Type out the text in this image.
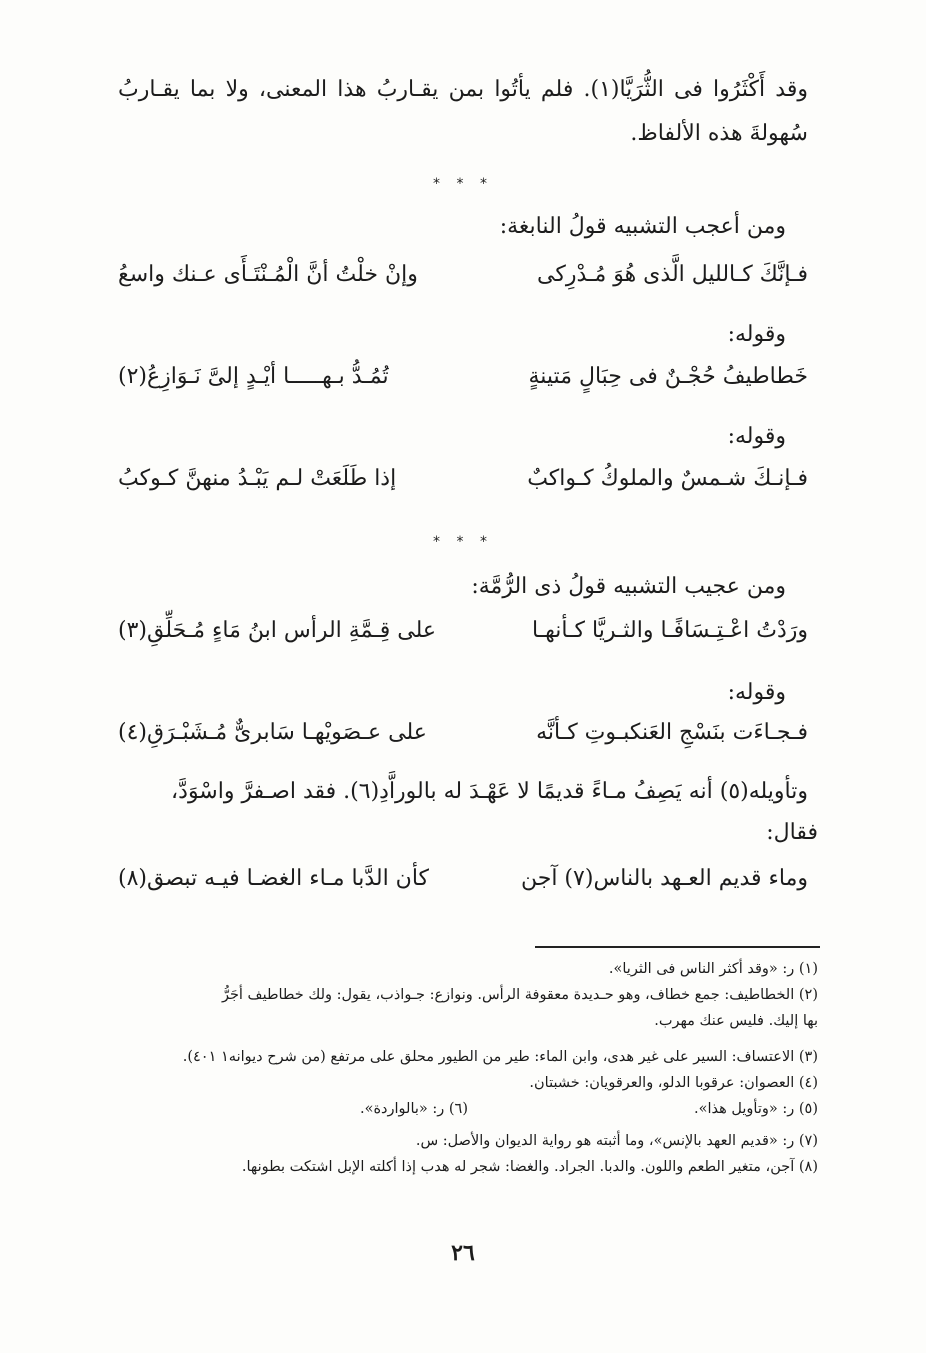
وقد أَكْثَرُوا فى الثُّرَيَّا(١). فلم يأتُوا بمن يقـاربُ هذا المعنى، ولا بما يقـاربُ سُهولةَ هذه الألفاظ.
* * *
ومن أعجب التشبيه قولُ النابغة:
فـإنَّكَ كـالليل الَّذى هُوَ مُـدْرِكى
وإنْ خلْتُ أنَّ الْمُـنْتَـأَى عـنك واسعُ
وقوله:
خَطاطيفُ حُجْـنٌ فى حِبَالٍ مَتينةٍ
تُمُـدُّ بـهـــــا أيْـدٍ إلىَّ نَـوَازِعُ(٢)
وقوله:
فـإنـكَ شـمسٌ والملوكُ كـواكبٌ
إذا طَلَعَتْ لـم يَبْـدُ منهنَّ كـوكبُ
* * *
ومن عجيب التشبيه قولُ ذى الرُّمَّة:
ورَدْتُ اعْـتِـسَافًـا والثـريَّا كـأنهـا
على قِـمَّةِ الرأس ابنُ مَاءٍ مُـحَلِّقِ(٣)
وقوله:
فـجـاءَت بنَسْجِ العَنكبـوتِ كـأنَّه
على عـصَويْهـا سَابرىٌّ مُـشَبْـرَقِ(٤)
وتأويله(٥) أنه يَصِفُ مـاءً قديمًا لا عَهْـدَ له بالوراَّدِ(٦). فقد اصـفرَّ واسْوَدَّ،
فقال:
وماء قديم العـهد بالناس(٧) آجن
كأن الدَّبا مـاء الغضـا فيـه تبصق(٨)
(١) ر: «وقد أكثر الناس فى الثريا».
(٢) الخطاطيف: جمع خطاف، وهو حـديدة معقوفة الرأس. ونوازع: جـواذب، يقول: ولك خطاطيف أجَرُّ
بها إليك. فليس عنك مهرب.
(٣) الاعتساف: السير على غير هدى، وابن الماء: طير من الطيور محلق على مرتفع (من شرح ديوانه١ ٤٠١).
(٤) العصوان: عرقوبا الدلو، والعرقويان: خشبتان.
(٥) ر: «وتأويل هذا».
(٦) ر: «بالواردة».
(٧) ر: «قديم العهد بالإنس»، وما أثبته هو رواية الديوان والأصل: س.
(٨) آجن، متغير الطعم واللون. والدبا. الجراد. والغضا: شجر له هدب إذا أكلته الإبل اشتكت بطونها.
٢٦
